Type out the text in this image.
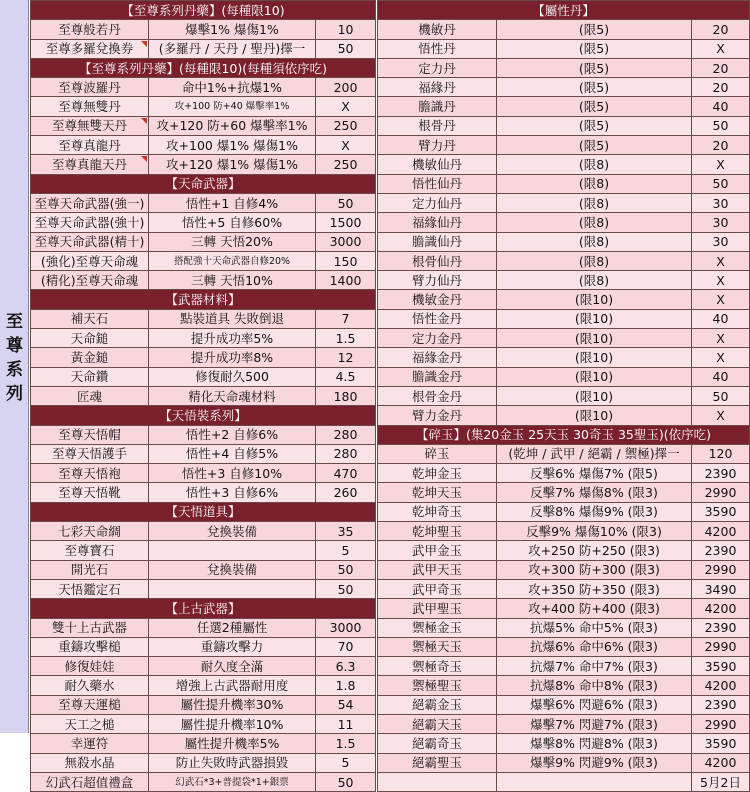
至
尊
系
列
【至尊系列丹藥】(每種限10)		
至尊般若丹	爆擊1% 爆傷1%	10
至尊多羅兌換券	(多羅丹 / 天丹 / 聖丹)擇一	50
【至尊系列丹藥】(每種限10)(每種須依序吃)		
至尊波羅丹	命中1%+抗爆1%	200
至尊無雙丹	攻+100 防+40 爆擊率1%	X
至尊無雙天丹	攻+120 防+60 爆擊率1%	250
至尊真龍丹	攻+100 爆1% 爆傷1%	X
至尊真龍天丹	攻+120 爆1% 爆傷1%	250
【天命武器】		
至尊天命武器(強一)	悟性+1 自修4%	50
至尊天命武器(強十)	悟性+5 自修60%	1500
至尊天命武器(精十)	三轉 天悟20%	3000
(強化)至尊天命魂	搭配強十天命武器自修20%	150
(精化)至尊天命魂	三轉 天悟10%	1400
【武器材料】		
補天石	點裝道具 失敗倒退	7
天命鎚	提升成功率5%	1.5
黃金鎚	提升成功率8%	12
天命鑽	修復耐久500	4.5
匠魂	精化天命魂材料	180
【天悟裝系列】		
至尊天悟帽	悟性+2 自修6%	280
至尊天悟護手	悟性+4 自修5%	280
至尊天悟袍	悟性+3 自修10%	470
至尊天悟靴	悟性+3 自修6%	260
【天悟道具】		
七彩天命綢	兌換裝備	35
至尊寶石		5
開光石	兌換裝備	50
天悟鑑定石		50
【上古武器】		
雙十上古武器	任選2種屬性	3000
重鑄攻擊槌	重鑄攻擊力	70
修復娃娃	耐久度全滿	6.3
耐久藥水	增強上古武器耐用度	1.8
至尊天運槌	屬性提升機率30%	54
天工之槌	屬性提升機率10%	11
幸運符	屬性提升機率5%	1.5
無殺水晶	防止失敗時武器損毀	5
幻武石超值禮盒	幻武石*3+普提袋*1+銀票	50
【屬性丹】		
機敏丹	(限5)	20
悟性丹	(限5)	X
定力丹	(限5)	20
福緣丹	(限5)	20
膽識丹	(限5)	40
根骨丹	(限5)	50
臂力丹	(限5)	20
機敏仙丹	(限8)	X
悟性仙丹	(限8)	50
定力仙丹	(限8)	30
福緣仙丹	(限8)	30
膽識仙丹	(限8)	30
根骨仙丹	(限8)	X
臂力仙丹	(限8)	X
機敏金丹	(限10)	X
悟性金丹	(限10)	40
定力金丹	(限10)	X
福緣金丹	(限10)	X
膽識金丹	(限10)	40
根骨金丹	(限10)	50
臂力金丹	(限10)	X
【碎玉】(集20金玉 25天玉 30奇玉 35聖玉)(依序吃)		
碎玉	(乾坤 / 武甲 / 絕霸 / 禦極)擇一	120
乾坤金玉	反擊6% 爆傷7% (限5)	2390
乾坤天玉	反擊7% 爆傷8% (限3)	2990
乾坤奇玉	反擊8% 爆傷9% (限3)	3590
乾坤聖玉	反擊9% 爆傷10% (限3)	4200
武甲金玉	攻+250 防+250 (限3)	2390
武甲天玉	攻+300 防+300 (限3)	2990
武甲奇玉	攻+350 防+350 (限3)	3490
武甲聖玉	攻+400 防+400 (限3)	4200
禦極金玉	抗爆5% 命中5% (限3)	2390
禦極天玉	抗爆6% 命中6% (限3)	2990
禦極奇玉	抗爆7% 命中7% (限3)	3590
禦極聖玉	抗爆8% 命中8% (限3)	4200
絕霸金玉	爆擊6% 閃避6% (限3)	2390
絕霸天玉	爆擊7% 閃避7% (限3)	2990
絕霸奇玉	爆擊8% 閃避8% (限3)	3590
絕霸聖玉	爆擊9% 閃避9% (限3)	4200
		5月2日
